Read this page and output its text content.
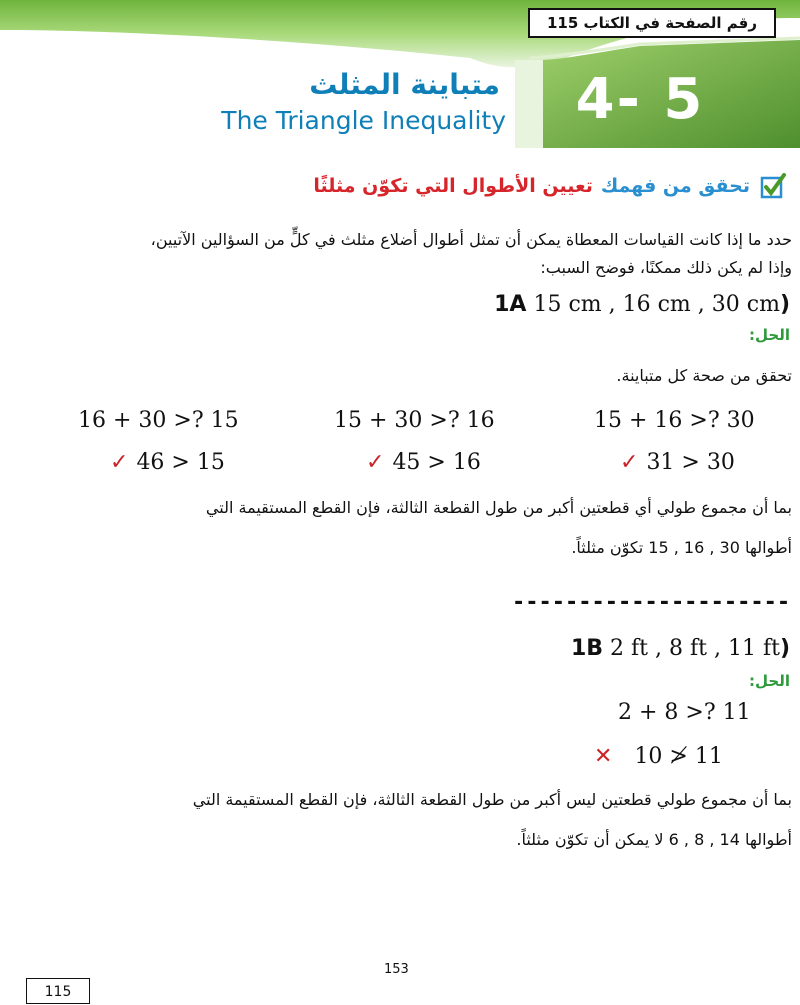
رقم الصفحة في الكتاب 115
4- 5
متباينة المثلث
The Triangle Inequality
تحقق من فهمك
تعيين الأطوال التي تكوّن مثلثًا
حدد ما إذا كانت القياسات المعطاة يمكن أن تمثل أطوال أضلاع مثلث في كلٍّ من السؤالين الآتيين،
وإذا لم يكن ذلك ممكنًا، فوضح السبب:
(1A 15 cm , 16 cm , 30 cm
الحل:
تحقق من صحة كل متباينة.
15 + 16 >? 30
15 + 30 >? 16
16 + 30 >? 15
✓ 31 > 30
✓ 45 > 16
✓ 46 > 15
بما أن مجموع طولي أي قطعتين أكبر من طول القطعة الثالثة، فإن القطع المستقيمة التي
أطوالها 30 , 16 , 15 تكوّن مثلثاً.
---------------------
(1B 2 ft , 8 ft , 11 ft
الحل:
2 + 8 >? 11
✕ 10 ≯ 11
بما أن مجموع طولي قطعتين ليس أكبر من طول القطعة الثالثة، فإن القطع المستقيمة التي
أطوالها 14 , 8 , 6 لا يمكن أن تكوّن مثلثاً.
153
115
